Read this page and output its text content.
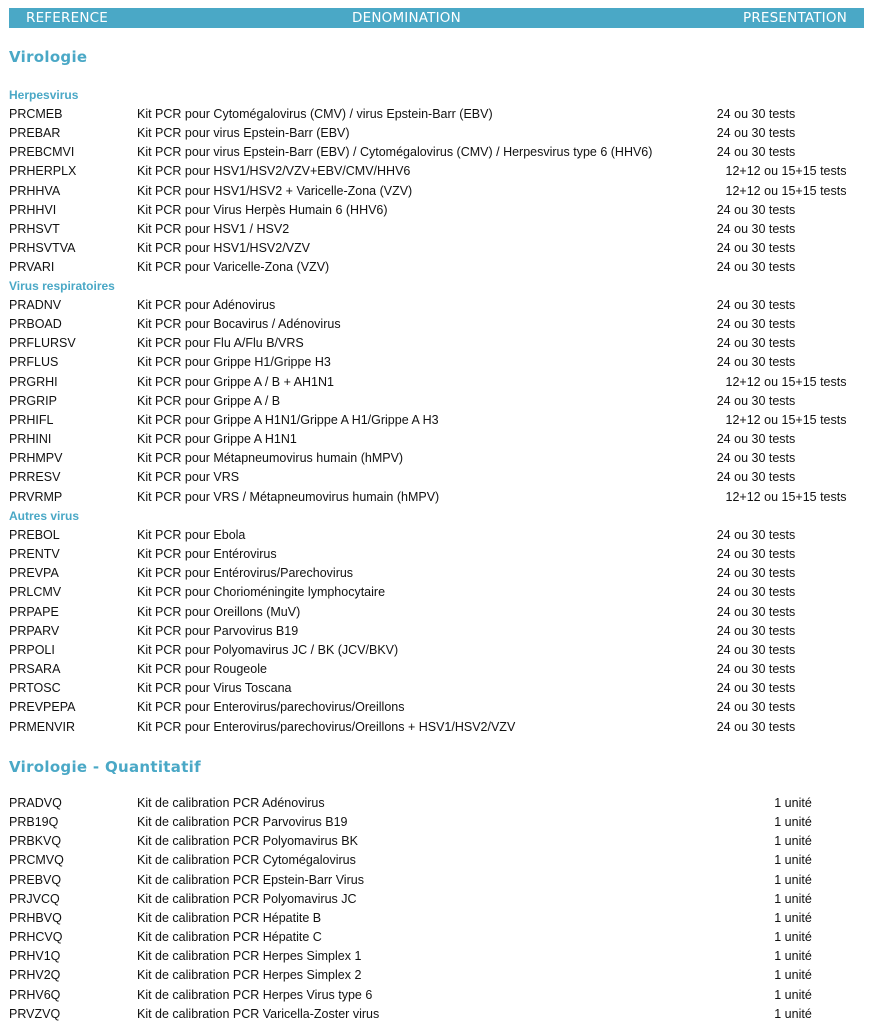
REFERENCE	DENOMINATION	PRESENTATION
Virologie
Herpesvirus
PRCMEB	Kit PCR pour Cytomégalovirus (CMV) / virus Epstein-Barr (EBV)	24 ou 30 tests
PREBAR	Kit PCR pour virus Epstein-Barr (EBV)	24 ou 30 tests
PREBCMVI	Kit PCR pour virus Epstein-Barr (EBV) / Cytomégalovirus (CMV) / Herpesvirus type 6 (HHV6)	24 ou 30 tests
PRHERPLX	Kit PCR pour HSV1/HSV2/VZV+EBV/CMV/HHV6	12+12 ou 15+15 tests
PRHHVA	Kit PCR pour HSV1/HSV2 + Varicelle-Zona (VZV)	12+12 ou 15+15 tests
PRHHVI	Kit PCR pour Virus Herpès Humain 6 (HHV6)	24 ou 30 tests
PRHSVT	Kit PCR pour HSV1 / HSV2	24 ou 30 tests
PRHSVTVA	Kit PCR pour HSV1/HSV2/VZV	24 ou 30 tests
PRVARI	Kit PCR pour Varicelle-Zona (VZV)	24 ou 30 tests
Virus respiratoires
PRADNV	Kit PCR pour Adénovirus	24 ou 30 tests
PRBOAD	Kit PCR pour Bocavirus / Adénovirus	24 ou 30 tests
PRFLURSV	Kit PCR pour Flu A/Flu B/VRS	24 ou 30 tests
PRFLUS	Kit PCR pour Grippe H1/Grippe H3	24 ou 30 tests
PRGRHI	Kit PCR pour Grippe A / B + AH1N1	12+12 ou 15+15 tests
PRGRIP	Kit PCR pour Grippe A / B	24 ou 30 tests
PRHIFL	Kit PCR pour Grippe A H1N1/Grippe A H1/Grippe A H3	12+12 ou 15+15 tests
PRHINI	Kit PCR pour Grippe A H1N1	24 ou 30 tests
PRHMPV	Kit PCR pour Métapneumovirus humain (hMPV)	24 ou 30 tests
PRRESV	Kit PCR pour VRS	24 ou 30 tests
PRVRMP	Kit PCR pour VRS / Métapneumovirus humain (hMPV)	12+12 ou 15+15 tests
Autres virus
PREBOL	Kit PCR pour Ebola	24 ou 30 tests
PRENTV	Kit PCR pour Entérovirus	24 ou 30 tests
PREVPA	Kit PCR pour Entérovirus/Parechovirus	24 ou 30 tests
PRLCMV	Kit PCR pour Chorioméningite lymphocytaire	24 ou 30 tests
PRPAPE	Kit PCR pour Oreillons (MuV)	24 ou 30 tests
PRPARV	Kit PCR pour Parvovirus B19	24 ou 30 tests
PRPOLI	Kit PCR pour Polyomavirus JC / BK (JCV/BKV)	24 ou 30 tests
PRSARA	Kit PCR pour Rougeole	24 ou 30 tests
PRTOSC	Kit PCR pour Virus Toscana	24 ou 30 tests
PREVPEPA	Kit PCR pour Enterovirus/parechovirus/Oreillons	24 ou 30 tests
PRMENVIR	Kit PCR pour Enterovirus/parechovirus/Oreillons + HSV1/HSV2/VZV	24 ou 30 tests
Virologie - Quantitatif
PRADVQ	Kit de calibration PCR Adénovirus	1 unité
PRB19Q	Kit de calibration PCR Parvovirus B19	1 unité
PRBKVQ	Kit de calibration PCR Polyomavirus BK	1 unité
PRCMVQ	Kit de calibration PCR Cytomégalovirus	1 unité
PREBVQ	Kit de calibration PCR Epstein-Barr Virus	1 unité
PRJVCQ	Kit de calibration PCR Polyomavirus JC	1 unité
PRHBVQ	Kit de calibration PCR Hépatite B	1 unité
PRHCVQ	Kit de calibration PCR Hépatite C	1 unité
PRHV1Q	Kit de calibration PCR Herpes Simplex 1	1 unité
PRHV2Q	Kit de calibration PCR Herpes Simplex 2	1 unité
PRHV6Q	Kit de calibration PCR Herpes Virus type 6	1 unité
PRVZVQ	Kit de calibration PCR Varicella-Zoster virus	1 unité
